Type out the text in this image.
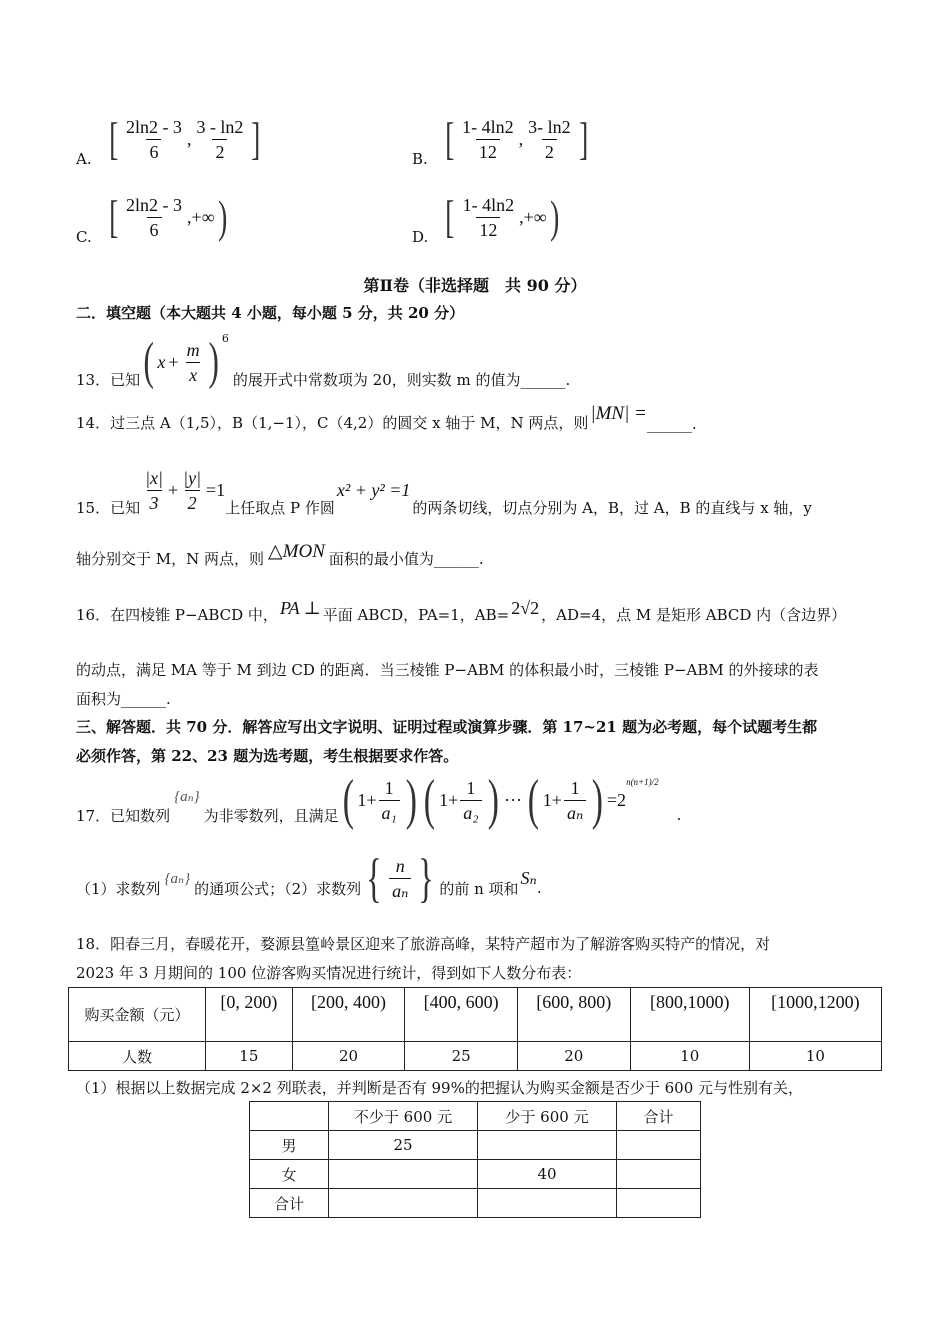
A. [ $\frac{2\ln 2 - 3}{6}$ , $\frac{3 - \ln 2}{2}$ ]	B. [ $\frac{1- 4\ln 2}{12}$ , $\frac{3- \ln 2}{2}$ ]
C. [ $\frac{2\ln 2 - 3}{6}$ ,+∞ )	D. [ $\frac{1- 4\ln 2}{12}$ ,+∞ )
第Ⅱ卷（非选择题　共 90 分）
二．填空题（本大题共 4 小题，每小题 5 分，共 20 分）
13．已知 ( $x + \frac{m}{x}$ ) 6
的展开式中常数项为 20，则实数 m 的值为______.
14．过三点 A（1,5），B（1,−1），C（4,2）的圆交 x 轴于 M，N 两点，则 |MN| = ______.
15．已知 $\frac{|x|}{3} + \frac{|y|}{2} =1$
上任取点 P 作圆
x² + y² =1
的两条切线，切点分别为 A，B，过 A，B 的直线与 x 轴，y
轴分别交于 M，N 两点，则 △MON 面积的最小值为______.
16．在四棱锥 P−ABCD 中， PA ⊥ 平面 ABCD，PA=1，AB= 2√2 ，AD=4，点 M 是矩形 ABCD 内（含边界）
的动点，满足 MA 等于 M 到边 CD 的距离．当三棱锥 P−ABM 的体积最小时，三棱锥 P−ABM 的外接球的表
面积为______.
三、解答题．共 70 分．解答应写出文字说明、证明过程或演算步骤．第 17~21 题为必考题，每个试题考生都
必须作答，第 22、23 题为选考题，考生根据要求作答。
17．已知数列
{aₙ}
为非零数列，且满足 ( $1+ \frac{1}{\text{a₁}}$ ) ( $1+ \frac{1}{\text{a₂}}$ ) ··· ( $1+ \frac{1}{\text{aₙ}}$ ) =2
n(n+1)/2
.
（1）求数列
{aₙ}
的通项公式；（2）求数列 { $\frac{n}{\text{aₙ}}$ } 的前 n 项和
Sₙ
.
18．阳春三月，春暖花开，婺源县篁岭景区迎来了旅游高峰，某特产超市为了解游客购买特产的情况，对
2023 年 3 月期间的 100 位游客购买情况进行统计，得到如下人数分布表：
购买金额（元）	[0, 200)	[200, 400)	[400, 600)	[600, 800)	[800,1000)	[1000,1200)
人数	15	20	25	20	10	10
（1）根据以上数据完成 2×2 列联表，并判断是否有 99%的把握认为购买金额是否少于 600 元与性别有关，
	不少于 600 元	少于 600 元	合计
男	25		
女		40	
合计			
